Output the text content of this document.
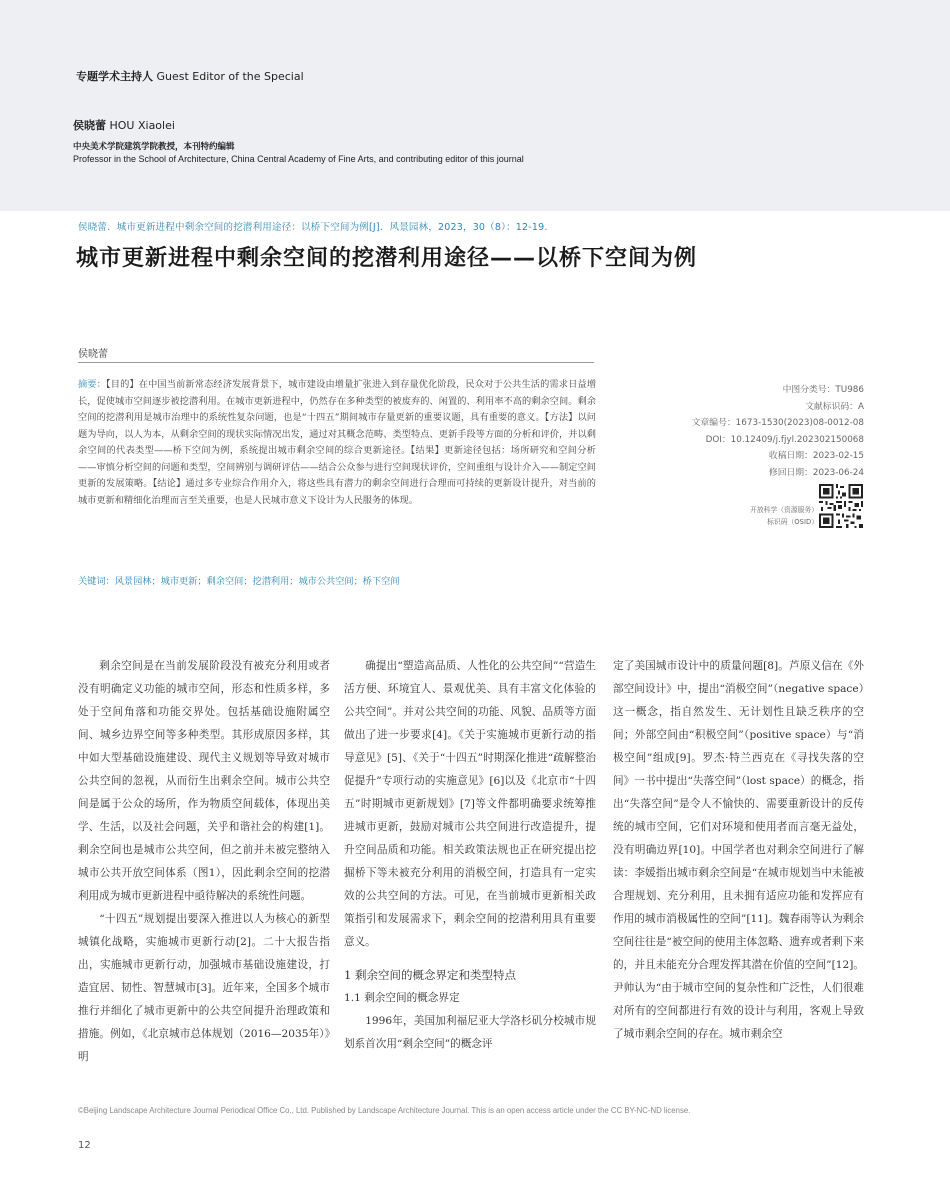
专题学术主持人 Guest Editor of the Special
侯晓蕾 HOU Xiaolei
中央美术学院建筑学院教授，本刊特约编辑
Professor in the School of Architecture, China Central Academy of Fine Arts, and contributing editor of this journal
侯晓蕾．城市更新进程中剩余空间的挖潜利用途径：以桥下空间为例[J]．风景园林，2023，30（8）：12-19.
城市更新进程中剩余空间的挖潜利用途径——以桥下空间为例
侯晓蕾
摘要：【目的】在中国当前新常态经济发展背景下，城市建设由增量扩张进入到存量优化阶段，民众对于公共生活的需求日益增长，促使城市空间逐步被挖潜利用。在城市更新进程中，仍然存在多种类型的被废弃的、闲置的、利用率不高的剩余空间。剩余空间的挖潜利用是城市治理中的系统性复杂问题，也是“十四五”期间城市存量更新的重要议题，具有重要的意义。【方法】以问题为导向，以人为本，从剩余空间的现状实际情况出发，通过对其概念范畴、类型特点、更新手段等方面的分析和评价，并以剩余空间的代表类型——桥下空间为例，系统提出城市剩余空间的综合更新途径。【结果】更新途径包括：场所研究和空间分析——审慎分析空间的问题和类型，空间辨别与调研评估——结合公众参与进行空间现状评价，空间重组与设计介入——制定空间更新的发展策略。【结论】通过多专业综合作用介入，将这些具有潜力的剩余空间进行合理而可持续的更新设计提升，对当前的城市更新和精细化治理而言至关重要，也是人民城市意义下设计为人民服务的体现。
关键词：风景园林；城市更新；剩余空间；挖潜利用；城市公共空间；桥下空间
中图分类号：TU986
文献标识码：A
文章编号：1673-1530(2023)08-0012-08
DOI：10.12409/j.fjyl.202302150068
收稿日期：2023-02-15
修回日期：2023-06-24
开放科学（资源服务）
标识码（OSID）

剩余空间是在当前发展阶段没有被充分利用或者没有明确定义功能的城市空间，形态和性质多样，多处于空间角落和功能交界处。包括基础设施附属空间、城乡边界空间等多种类型。其形成原因多样，其中如大型基础设施建设、现代主义规划等导致对城市公共空间的忽视，从而衍生出剩余空间。城市公共空间是属于公众的场所，作为物质空间载体，体现出美学、生活，以及社会问题，关乎和谐社会的构建[1]。剩余空间也是城市公共空间，但之前并未被完整纳入城市公共开放空间体系（图1），因此剩余空间的挖潜利用成为城市更新进程中亟待解决的系统性问题。

“十四五”规划提出要深入推进以人为核心的新型城镇化战略，实施城市更新行动[2]。二十大报告指出，实施城市更新行动，加强城市基础设施建设，打造宜居、韧性、智慧城市[3]。近年来，全国多个城市推行并细化了城市更新中的公共空间提升治理政策和措施。例如，《北京城市总体规划（2016—2035年）》明

确提出“塑造高品质、人性化的公共空间”“营造生活方便、环境宜人、景观优美、具有丰富文化体验的公共空间”。并对公共空间的功能、风貌、品质等方面做出了进一步要求[4]。《关于实施城市更新行动的指导意见》[5]、《关于“十四五”时期深化推进“疏解整治促提升”专项行动的实施意见》[6]以及《北京市“十四五”时期城市更新规划》[7]等文件都明确要求统筹推进城市更新，鼓励对城市公共空间进行改造提升，提升空间品质和功能。相关政策法规也正在研究提出挖掘桥下等未被充分利用的消极空间，打造具有一定实效的公共空间的方法。可见，在当前城市更新相关政策指引和发展需求下，剩余空间的挖潜利用具有重要意义。

1 剩余空间的概念界定和类型特点
1.1 剩余空间的概念界定

1996年，美国加利福尼亚大学洛杉矶分校城市规划系首次用“剩余空间”的概念评

定了美国城市设计中的质量问题[8]。芦原义信在《外部空间设计》中，提出“消极空间”（negative space）这一概念，指自然发生、无计划性且缺乏秩序的空间；外部空间由“积极空间”（positive space）与“消极空间”组成[9]。罗杰·特兰西克在《寻找失落的空间》一书中提出“失落空间”（lost space）的概念，指出“失落空间”是令人不愉快的、需要重新设计的反传统的城市空间，它们对环境和使用者而言毫无益处，没有明确边界[10]。中国学者也对剩余空间进行了解读：李媛指出城市剩余空间是“在城市规划当中未能被合理规划、充分利用，且未拥有适应功能和发挥应有作用的城市消极属性的空间”[11]。魏春雨等认为剩余空间往往是“被空间的使用主体忽略、遗弃或者剩下来的，并且未能充分合理发挥其潜在价值的空间”[12]。尹帅认为“由于城市空间的复杂性和广泛性，人们很难对所有的空间都进行有效的设计与利用，客观上导致了城市剩余空间的存在。城市剩余空

©Beijing Landscape Architecture Journal Periodical Office Co., Ltd. Published by Landscape Architecture Journal. This is an open access article under the CC BY-NC-ND license.
12
